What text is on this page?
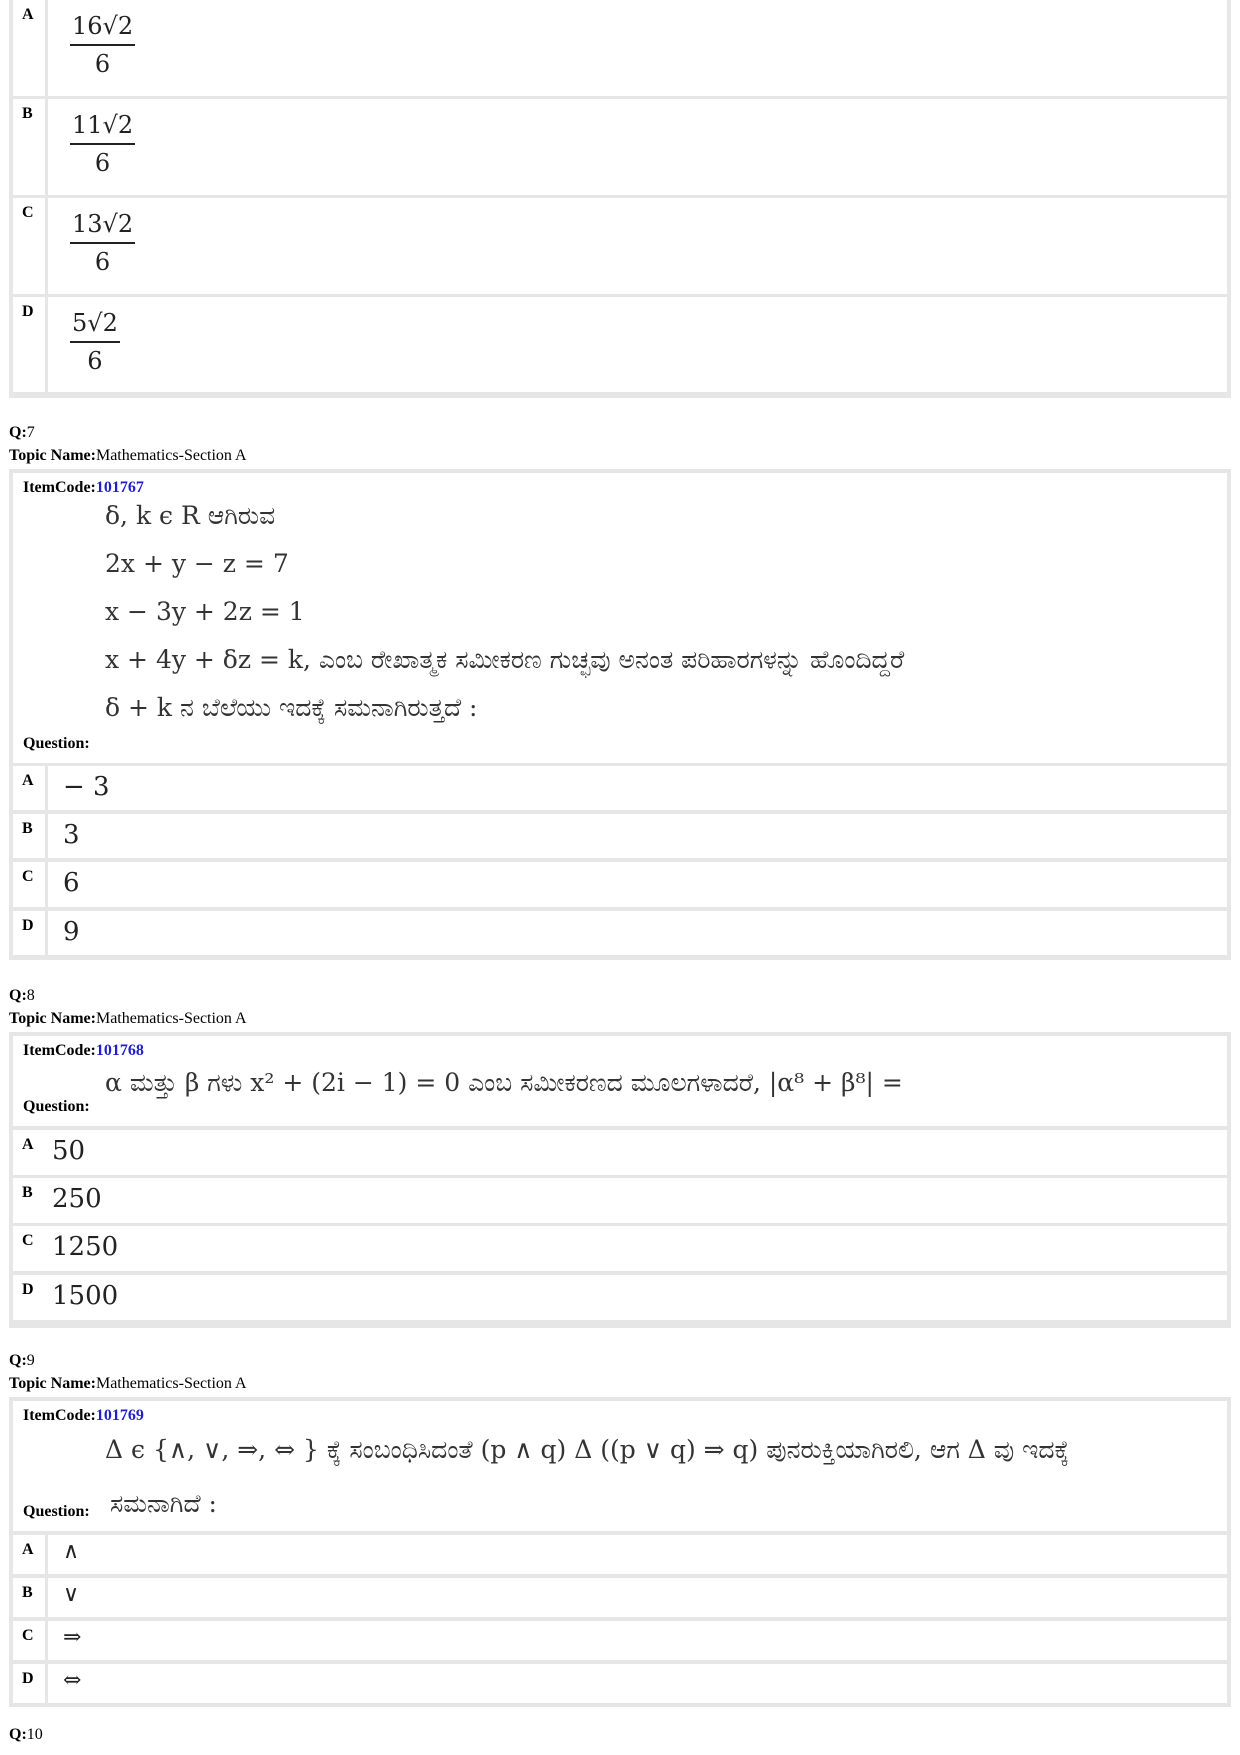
A $\frac{16√2}{6}$
B $\frac{11√2}{6}$
C $\frac{13√2}{6}$
D $\frac{5√2}{6}$
Q:7
Topic Name:Mathematics-Section A
ItemCode:101767
δ, k ϵ R ಆಗಿರುವ
2x + y − z = 7
x − 3y + 2z = 1
x + 4y + δz = k, ಎಂಬ ರೇಖಾತ್ಮಕ ಸಮೀಕರಣ ಗುಚ್ಛವು ಅನಂತ ಪರಿಹಾರಗಳನ್ನು ಹೊಂದಿದ್ದರೆ
δ + k ನ ಬೆಲೆಯು ಇದಕ್ಕೆ ಸಮನಾಗಿರುತ್ತದೆ :
Question:
A − 3
B 3
C 6
D 9
Q:8
Topic Name:Mathematics-Section A
ItemCode:101768
α ಮತ್ತು β ಗಳು x² + (2i − 1) = 0 ಎಂಬ ಸಮೀಕರಣದ ಮೂಲಗಳಾದರೆ, |α⁸ + β⁸| =
Question:
A 50
B 250
C 1250
D 1500
Q:9
Topic Name:Mathematics-Section A
ItemCode:101769
Δ ϵ {∧, ∨, ⇒, ⇔ } ಕ್ಕೆ ಸಂಬಂಧಿಸಿದಂತೆ (p ∧ q) Δ ((p ∨ q) ⇒ q) ಪುನರುಕ್ತಿಯಾಗಿರಲಿ, ಆಗ Δ ವು ಇದಕ್ಕೆ
ಸಮನಾಗಿದೆ :
Question:
A ∧
B ∨
C ⇒
D ⇔
Q:10
